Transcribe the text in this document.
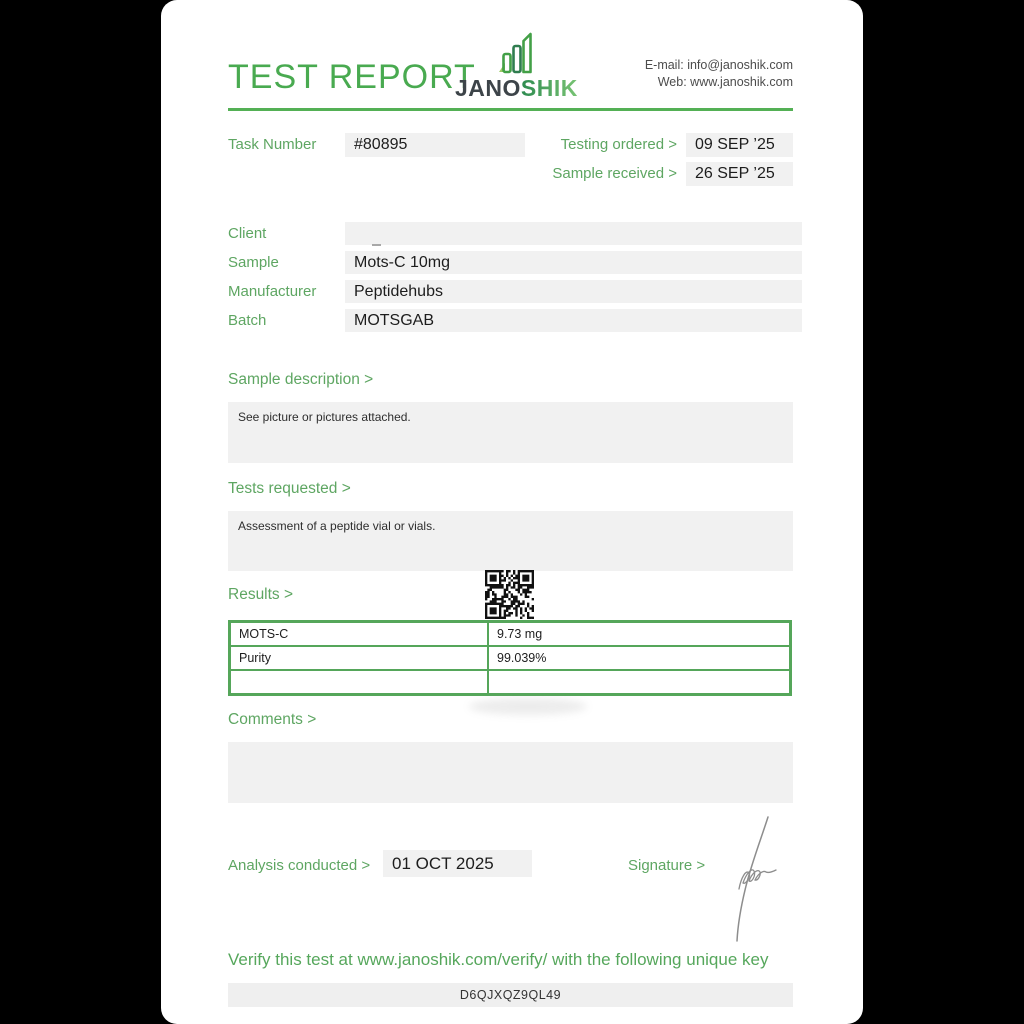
TEST REPORT
JANOSHIK
E-mail: info@janoshik.com
Web: www.janoshik.com
Task Number	#80895	Testing ordered >	09 SEP ’25
Sample received >	26 SEP ’25
Client
Sample	Mots-C 10mg
Manufacturer	Peptidehubs
Batch	MOTSGAB
Sample description >
See picture or pictures attached.
Tests requested >
Assessment of a peptide vial or vials.
Results >
MOTS-C	9.73 mg
Purity	99.039%
Comments >
Analysis conducted >	01 OCT 2025	Signature >
Verify this test at www.janoshik.com/verify/ with the following unique key
D6QJXQZ9QL49
